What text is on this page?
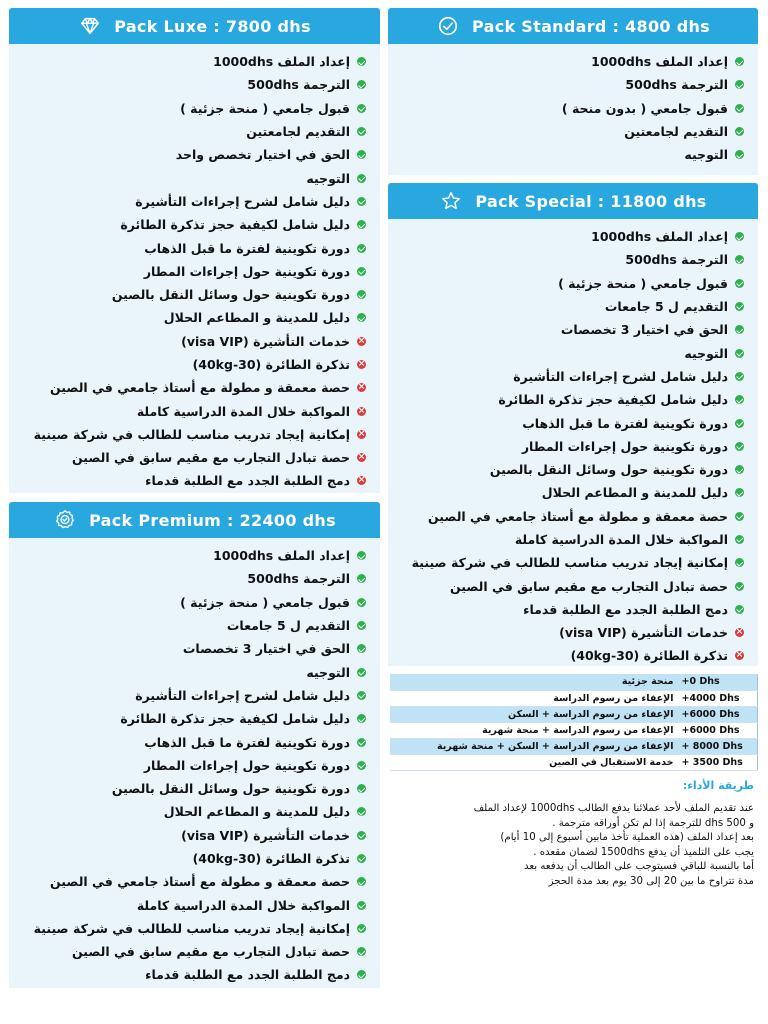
Pack Luxe : 7800 dhs
إعداد الملف 1000dhs
الترجمة 500dhs
قبول جامعي ( منحة جزئية )
التقديم لجامعتين
الحق في اختيار تخصص واحد
التوجيه
دليل شامل لشرح إجراءات التأشيرة
دليل شامل لكيفية حجز تذكرة الطائرة
دورة تكوينية لفترة ما قبل الذهاب
دورة تكوينية حول إجراءات المطار
دورة تكوينية حول وسائل النقل بالصين
دليل للمدينة و المطاعم الحلال
×
خدمات التأشيرة (visa VIP)
×
تذكرة الطائرة (30-40kg)
×
حصة معمقة و مطولة مع أستاذ جامعي في الصين
×
المواكبة خلال المدة الدراسية كاملة
×
إمكانية إيجاد تدريب مناسب للطالب في شركة صينية
×
حصة تبادل التجارب مع مقيم سابق في الصين
×
دمج الطلبة الجدد مع الطلبة قدماء
Pack Standard : 4800 dhs
إعداد الملف 1000dhs
الترجمة 500dhs
قبول جامعي ( بدون منحة )
التقديم لجامعتين
التوجيه
Pack Special : 11800 dhs
إعداد الملف 1000dhs
الترجمة 500dhs
قبول جامعي ( منحة جزئية )
التقديم ل 5 جامعات
الحق في اختيار 3 تخصصات
التوجيه
دليل شامل لشرح إجراءات التأشيرة
دليل شامل لكيفية حجز تذكرة الطائرة
دورة تكوينية لفترة ما قبل الذهاب
دورة تكوينية حول إجراءات المطار
دورة تكوينية حول وسائل النقل بالصين
دليل للمدينة و المطاعم الحلال
حصة معمقة و مطولة مع أستاذ جامعي في الصين
المواكبة خلال المدة الدراسية كاملة
إمكانية إيجاد تدريب مناسب للطالب في شركة صينية
حصة تبادل التجارب مع مقيم سابق في الصين
دمج الطلبة الجدد مع الطلبة قدماء
×
خدمات التأشيرة (visa VIP)
×
تذكرة الطائرة (30-40kg)
Pack Premium : 22400 dhs
إعداد الملف 1000dhs
الترجمة 500dhs
قبول جامعي ( منحة جزئية )
التقديم ل 5 جامعات
الحق في اختيار 3 تخصصات
التوجيه
دليل شامل لشرح إجراءات التأشيرة
دليل شامل لكيفية حجز تذكرة الطائرة
دورة تكوينية لفترة ما قبل الذهاب
دورة تكوينية حول إجراءات المطار
دورة تكوينية حول وسائل النقل بالصين
دليل للمدينة و المطاعم الحلال
خدمات التأشيرة (visa VIP)
تذكرة الطائرة (30-40kg)
حصة معمقة و مطولة مع أستاذ جامعي في الصين
المواكبة خلال المدة الدراسية كاملة
إمكانية إيجاد تدريب مناسب للطالب في شركة صينية
حصة تبادل التجارب مع مقيم سابق في الصين
دمج الطلبة الجدد مع الطلبة قدماء
منحة جزئية	+0 Dhs
الإعفاء من رسوم الدراسة	+4000 Dhs
الإعفاء من رسوم الدراسة + السكن	+6000 Dhs
الإعفاء من رسوم الدراسة + منحة شهرية	+6000 Dhs
الإعفاء من رسوم الدراسة + السكن + منحة شهرية	+ 8000 Dhs
خدمة الاستقبال في الصين	+ 3500 Dhs
طريقة الأداء:
عند تقديم الملف لأحد عملائنا يدفع الطالب 1000dhs لإعداد الملف
و 500 dhs للترجمة إذا لم تكن أوراقه مترجمة .
بعد إعداد الملف (هذه العملية تأخذ مابين أسبوع إلى 10 أيام)
يجب على التلميذ أن يدفع 1500dhs لضمان مقعده .
أما بالنسبة للباقي فسيتوجب على الطالب أن يدفعه بعد
مدة تتراوح ما بين 20 إلى 30 يوم بعد مدة الحجز
